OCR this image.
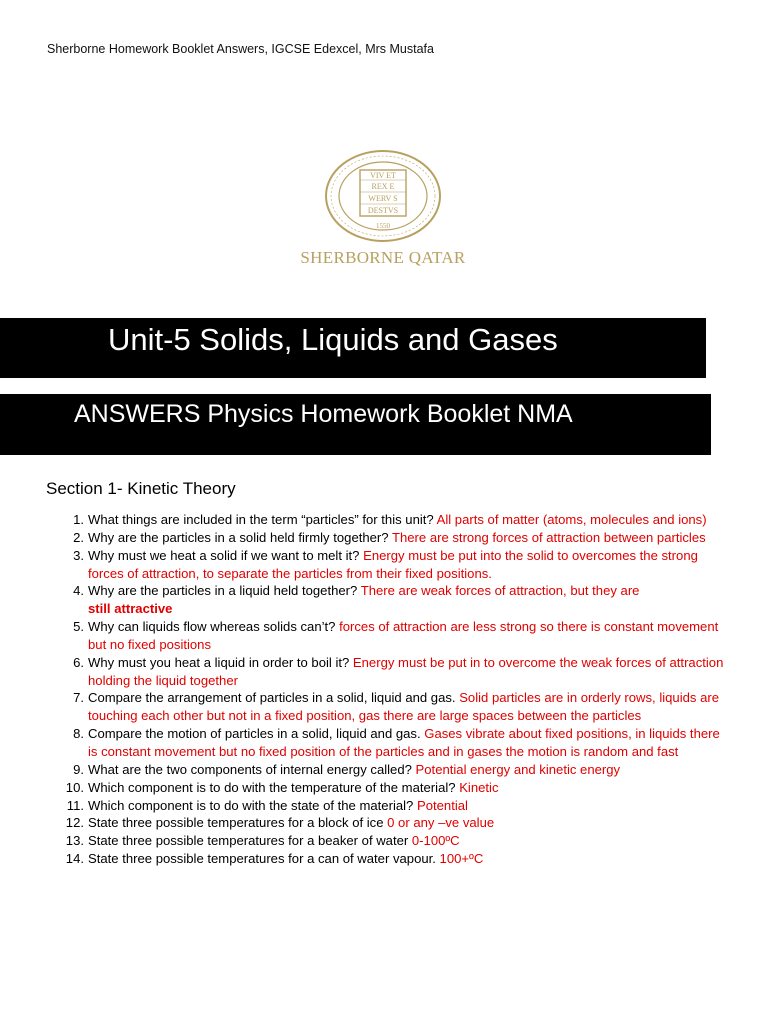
Sherborne Homework Booklet Answers, IGCSE Edexcel, Mrs Mustafa
VIV ET
REX E
WERV S
DESTVS
1550
SHERBORNE QATAR
Unit-5 Solids, Liquids and Gases
ANSWERS Physics Homework Booklet NMA
Section 1- Kinetic Theory
1. What things are included in the term “particles” for this unit? All parts of matter (atoms, molecules and ions)
2. Why are the particles in a solid held firmly together? There are strong forces of attraction between particles
3. Why must we heat a solid if we want to melt it? Energy must be put into the solid to overcomes the strong forces of attraction, to separate the particles from their fixed positions.
4. Why are the particles in a liquid held together? There are weak forces of attraction, but they are
still attractive
5. Why can liquids flow whereas solids can’t? forces of attraction are less strong so there is constant movement but no fixed positions
6. Why must you heat a liquid in order to boil it? Energy must be put in to overcome the weak forces of attraction holding the liquid together
7. Compare the arrangement of particles in a solid, liquid and gas. Solid particles are in orderly rows, liquids are touching each other but not in a fixed position, gas there are large spaces between the particles
8. Compare the motion of particles in a solid, liquid and gas. Gases vibrate about fixed positions, in liquids there is constant movement but no fixed position of the particles and in gases the motion is random and fast
9. What are the two components of internal energy called? Potential energy and kinetic energy
10. Which component is to do with the temperature of the material? Kinetic
11. Which component is to do with the state of the material? Potential
12. State three possible temperatures for a block of ice 0 or any –ve value
13. State three possible temperatures for a beaker of water 0-100ºC
14. State three possible temperatures for a can of water vapour. 100+ºC
